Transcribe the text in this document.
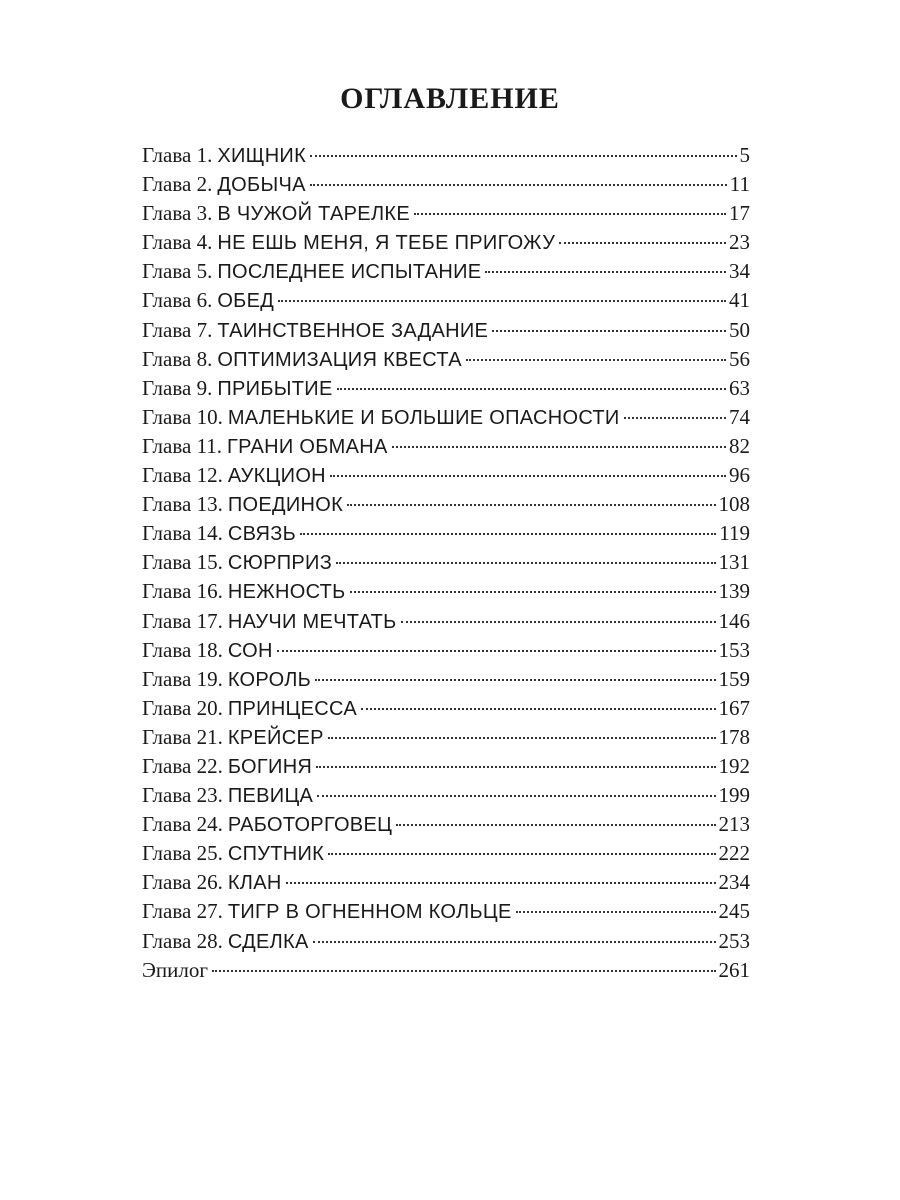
ОГЛАВЛЕНИЕ
Глава 1. ХИЩНИК	5
Глава 2. ДОБЫЧА	11
Глава 3. В ЧУЖОЙ ТАРЕЛКЕ	17
Глава 4. НЕ ЕШЬ МЕНЯ, Я ТЕБЕ ПРИГОЖУ	23
Глава 5. ПОСЛЕДНЕЕ ИСПЫТАНИЕ	34
Глава 6. ОБЕД	41
Глава 7. ТАИНСТВЕННОЕ ЗАДАНИЕ	50
Глава 8. ОПТИМИЗАЦИЯ КВЕСТА	56
Глава 9. ПРИБЫТИЕ	63
Глава 10. МАЛЕНЬКИЕ И БОЛЬШИЕ ОПАСНОСТИ	74
Глава 11. ГРАНИ ОБМАНА	82
Глава 12. АУКЦИОН	96
Глава 13. ПОЕДИНОК	108
Глава 14. СВЯЗЬ	119
Глава 15. СЮРПРИЗ	131
Глава 16. НЕЖНОСТЬ	139
Глава 17. НАУЧИ МЕЧТАТЬ	146
Глава 18. СОН	153
Глава 19. КОРОЛЬ	159
Глава 20. ПРИНЦЕССА	167
Глава 21. КРЕЙСЕР	178
Глава 22. БОГИНЯ	192
Глава 23. ПЕВИЦА	199
Глава 24. РАБОТОРГОВЕЦ	213
Глава 25. СПУТНИК	222
Глава 26. КЛАН	234
Глава 27. ТИГР В ОГНЕННОМ КОЛЬЦЕ	245
Глава 28. СДЕЛКА	253
Эпилог	261
